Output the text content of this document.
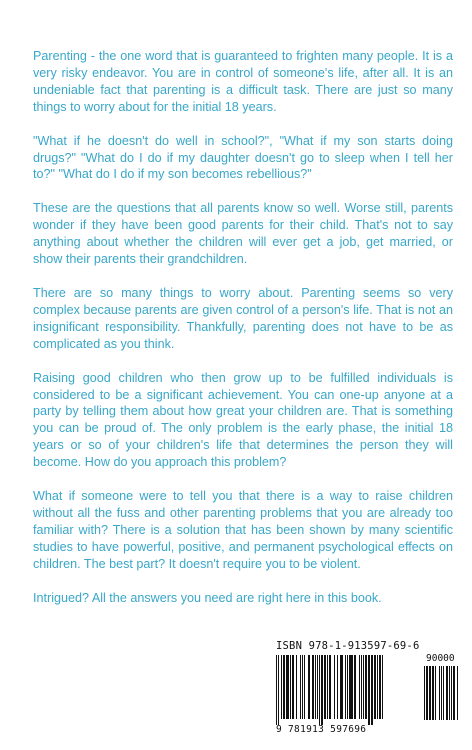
Parenting - the one word that is guaranteed to frighten many people. It is a very risky endeavor. You are in control of someone's life, after all. It is an undeniable fact that parenting is a difficult task. There are just so many things to worry about for the initial 18 years.

"What if he doesn't do well in school?", "What if my son starts doing drugs?" "What do I do if my daughter doesn't go to sleep when I tell her to?" "What do I do if my son becomes rebellious?"

These are the questions that all parents know so well. Worse still, parents wonder if they have been good parents for their child. That's not to say anything about whether the children will ever get a job, get married, or show their parents their grandchildren.

There are so many things to worry about. Parenting seems so very complex because parents are given control of a person's life. That is not an insignificant responsibility. Thankfully, parenting does not have to be as complicated as you think.

Raising good children who then grow up to be fulfilled individuals is considered to be a significant achievement. You can one-up anyone at a party by telling them about how great your children are. That is something you can be proud of. The only problem is the early phase, the initial 18 years or so of your children's life that determines the person they will become. How do you approach this problem?

What if someone were to tell you that there is a way to raise children without all the fuss and other parenting problems that you are already too familiar with? There is a solution that has been shown by many scientific studies to have powerful, positive, and permanent psychological effects on children. The best part? It doesn't require you to be violent.

Intrigued? All the answers you need are right here in this book.

ISBN 978-1-913597-69-6
90000
9 781913 597696
